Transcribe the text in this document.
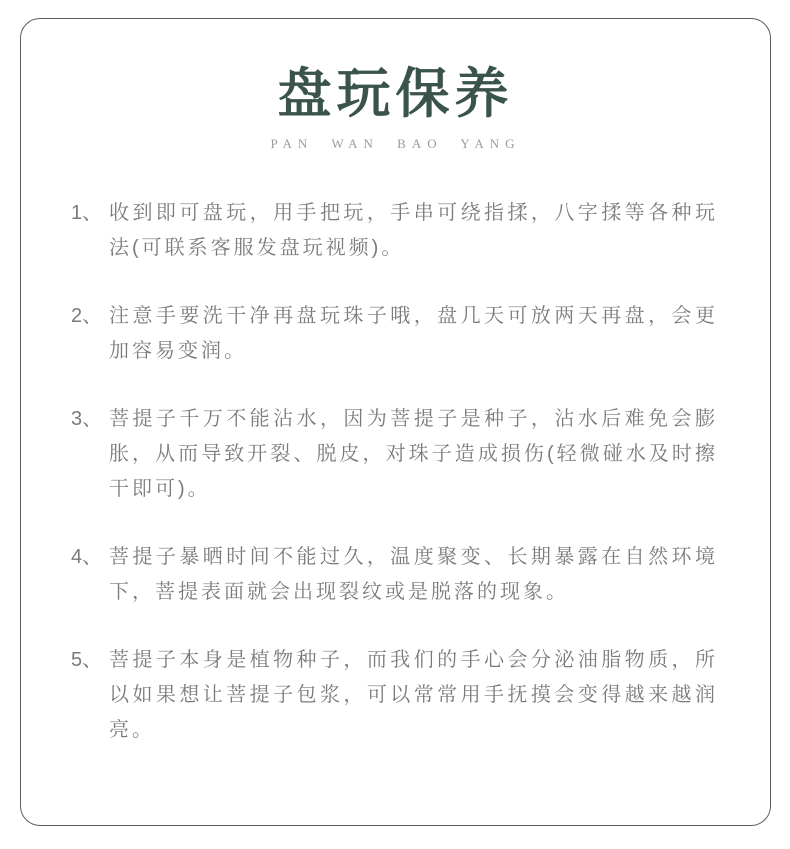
盘玩保养
PAN WAN BAO YANG
1、 收到即可盘玩，用手把玩，手串可绕指揉，八字揉等各种玩法(可联系客服发盘玩视频)。
2、 注意手要洗干净再盘玩珠子哦，盘几天可放两天再盘，会更加容易变润。
3、 菩提子千万不能沾水，因为菩提子是种子，沾水后难免会膨胀，从而导致开裂、脱皮，对珠子造成损伤(轻微碰水及时擦干即可)。
4、 菩提子暴晒时间不能过久，温度聚变、长期暴露在自然环境下，菩提表面就会出现裂纹或是脱落的现象。
5、 菩提子本身是植物种子，而我们的手心会分泌油脂物质，所以如果想让菩提子包浆，可以常常用手抚摸会变得越来越润亮。
